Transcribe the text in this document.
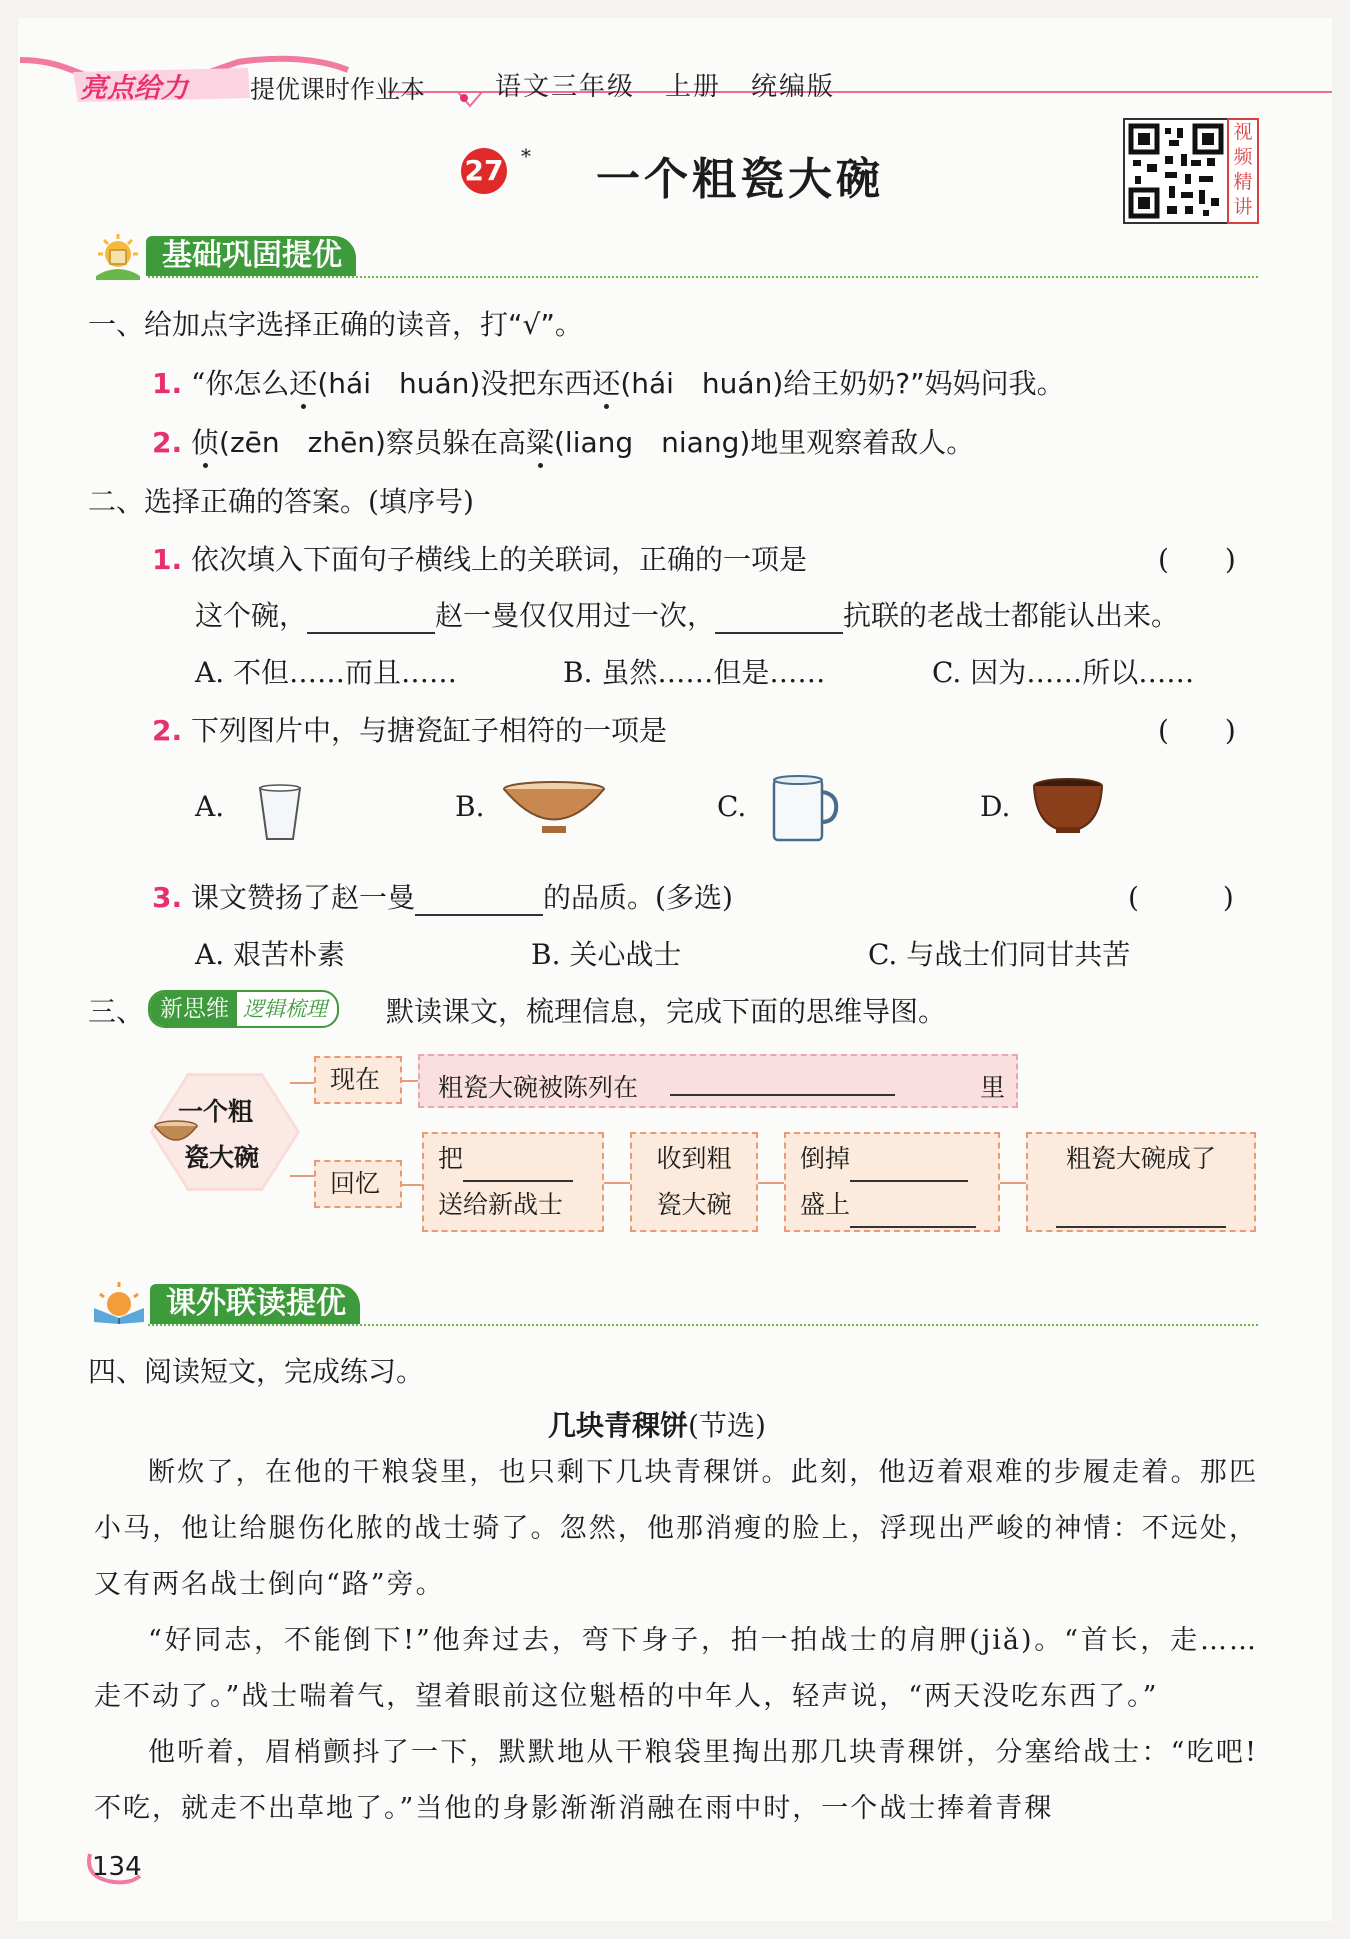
亮点给力 提优课时作业本	语文三年级 上册 统编版
27 * 一个粗瓷大碗
视频精讲
基础巩固提优
一、给加点字选择正确的读音，打“√”。
1. “你怎么还(hái　huán)没把东西还(hái　huán)给王奶奶?”妈妈问我。
2. 侦(zēn　zhēn)察员躲在高粱(liang　niang)地里观察着敌人。
二、选择正确的答案。(填序号)
1. 依次填入下面句子横线上的关联词，正确的一项是	(　　)
这个碗，	赵一曼仅仅用过一次，	抗联的老战士都能认出来。
A. 不但……而且……	B. 虽然……但是……	C. 因为……所以……
2. 下列图片中，与搪瓷缸子相符的一项是	(　　)
A.	B.	C.	D.
3. 课文赞扬了赵一曼	的品质。(多选)	(　　　)
A. 艰苦朴素	B. 关心战士	C. 与战士们同甘共苦
三、 新思维 逻辑梳理	默读课文，梳理信息，完成下面的思维导图。
一个粗
瓷大碗
现在	粗瓷大碗被陈列在	里
回忆
把
送给新战士
收到粗
瓷大碗
倒掉
盛上
粗瓷大碗成了
课外联读提优
四、阅读短文，完成练习。
几块青稞饼(节选)

断炊了，在他的干粮袋里，也只剩下几块青稞饼。此刻，他迈着艰难的步履走着。那匹小马，他让给腿伤化脓的战士骑了。忽然，他那消瘦的脸上，浮现出严峻的神情：不远处，又有两名战士倒向“路”旁。

“好同志，不能倒下!”他奔过去，弯下身子，拍一拍战士的肩胛(jiǎ)。“首长，走……走不动了。”战士喘着气，望着眼前这位魁梧的中年人，轻声说，“两天没吃东西了。”

他听着，眉梢颤抖了一下，默默地从干粮袋里掏出那几块青稞饼，分塞给战士：“吃吧! 不吃，就走不出草地了。”当他的身影渐渐消融在雨中时，一个战士捧着青稞

134
